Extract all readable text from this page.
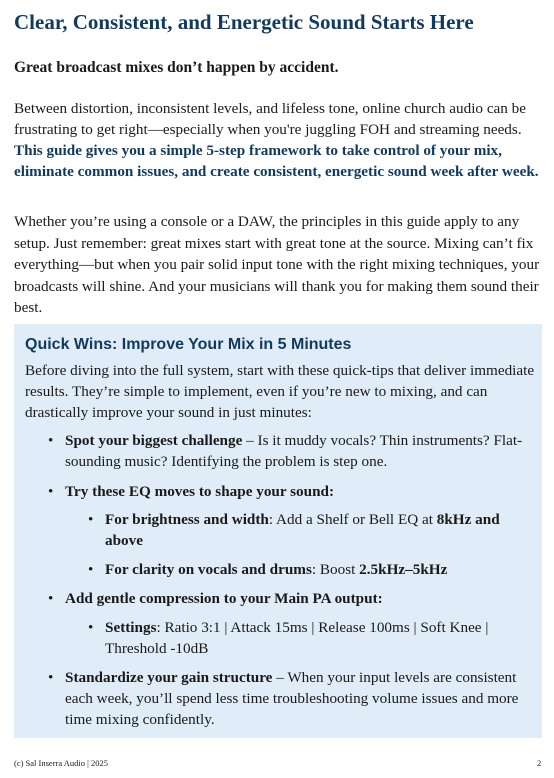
Clear, Consistent, and Energetic Sound Starts Here

Great broadcast mixes don’t happen by accident.

Between distortion, inconsistent levels, and lifeless tone, online church audio can be frustrating to get right—especially when you're juggling FOH and streaming needs. This guide gives you a simple 5-step framework to take control of your mix, eliminate common issues, and create consistent, energetic sound week after week.

Whether you’re using a console or a DAW, the principles in this guide apply to any setup. Just remember: great mixes start with great tone at the source. Mixing can’t fix everything—but when you pair solid input tone with the right mixing techniques, your broadcasts will shine. And your musicians will thank you for making them sound their best.

Quick Wins: Improve Your Mix in 5 Minutes

Before diving into the full system, start with these quick-tips that deliver immediate results. They’re simple to implement, even if you’re new to mixing, and can drastically improve your sound in just minutes:

• Spot your biggest challenge – Is it muddy vocals? Thin instruments? Flat-sounding music? Identifying the problem is step one.
• Try these EQ moves to shape your sound:
• For brightness and width: Add a Shelf or Bell EQ at 8kHz and above
• For clarity on vocals and drums: Boost 2.5kHz–5kHz
• Add gentle compression to your Main PA output:
• Settings: Ratio 3:1 | Attack 15ms | Release 100ms | Soft Knee | Threshold -10dB
• Standardize your gain structure – When your input levels are consistent each week, you’ll spend less time troubleshooting volume issues and more time mixing confidently.
(c) Sal Inserra Audio | 2025	2
